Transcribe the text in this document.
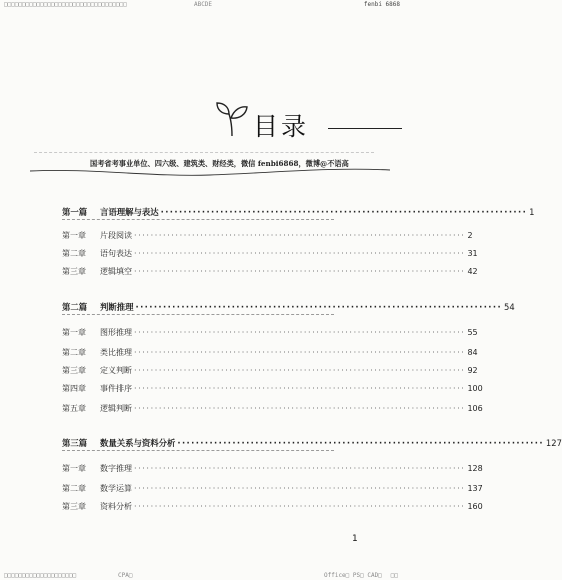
ABCDE	fenbi 6868
□□□□□□□□□□□□□□□□□□□□□□□□□□□□□□□□□□
目录
国考省考事业单位、四六级、建筑类、财经类，微信 fenbi6868，微博@不语高
第一篇	言语理解与表达 ················································································ 1
第一章	片段阅读 ················································································ 2
第二章	语句表达 ················································································ 31
第三章	逻辑填空 ················································································ 42
第二篇	判断推理 ················································································ 54
第一章	图形推理 ················································································ 55
第二章	类比推理 ················································································ 84
第三章	定义判断 ················································································ 92
第四章	事件排序 ················································································ 100
第五章	逻辑判断 ················································································ 106
第三篇	数量关系与资料分析 ················································································ 127
第一章	数字推理 ················································································ 128
第二章	数学运算 ················································································ 137
第三章	资料分析 ················································································ 160
1
□□□□□□□□□□□□□□□□□□□□	CPA□	Office□ PS□ CAD□ □□
